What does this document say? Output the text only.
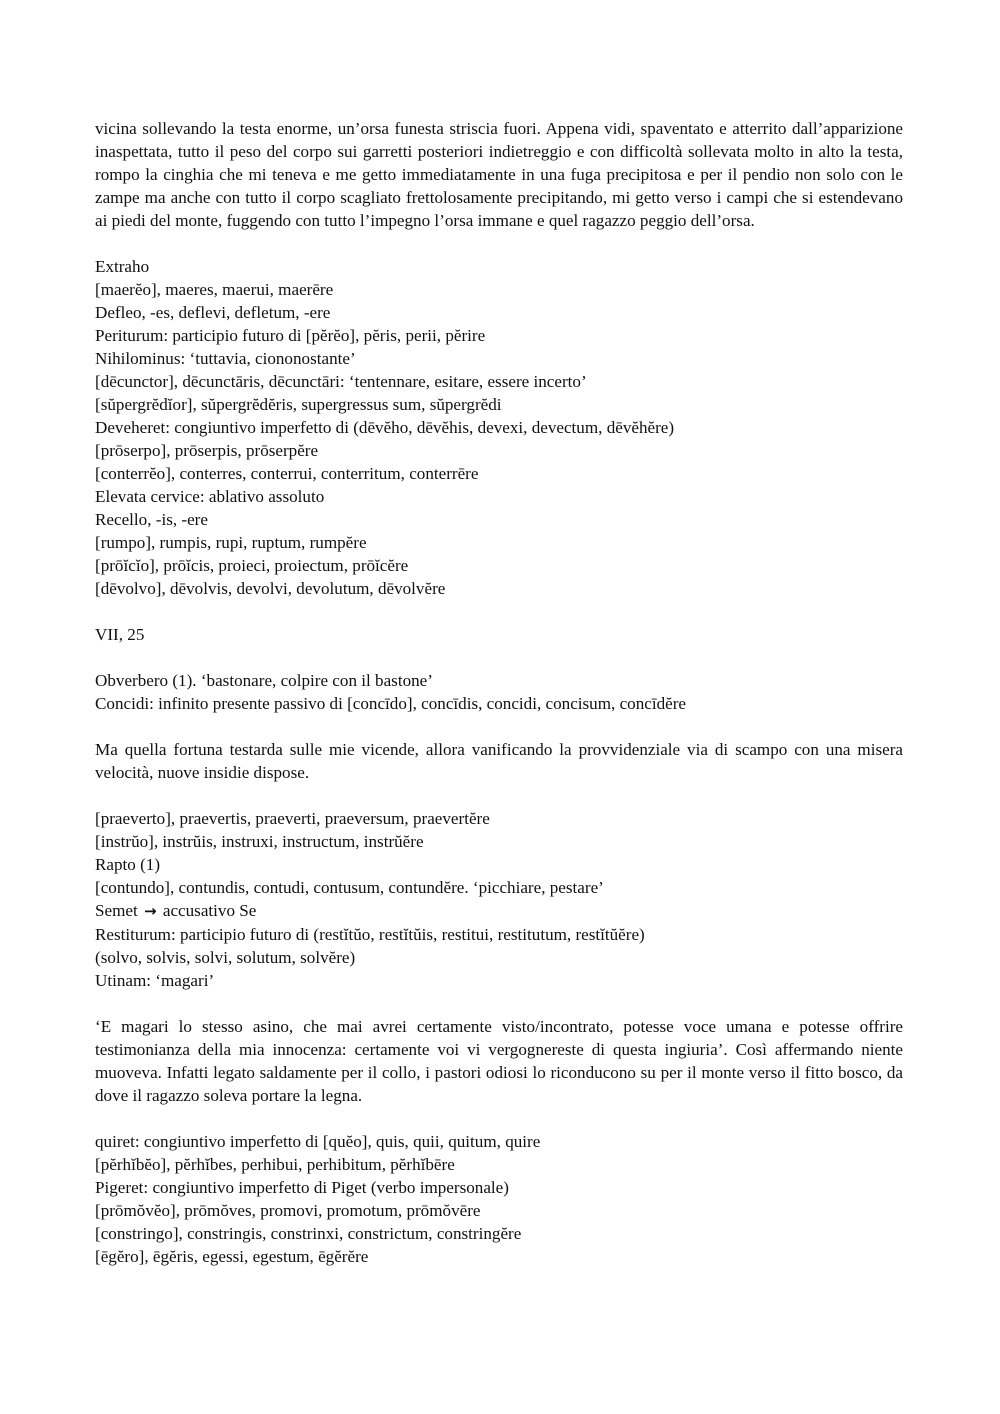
vicina sollevando la testa enorme, un’orsa funesta striscia fuori. Appena vidi, spaventato e atterrito dall’apparizione inaspettata, tutto il peso del corpo sui garretti posteriori indietreggio e con difficoltà sollevata molto in alto la testa, rompo la cinghia che mi teneva e me getto immediatamente in una fuga precipitosa e per il pendio non solo con le zampe ma anche con tutto il corpo scagliato frettolosamente precipitando, mi getto verso i campi che si estendevano ai piedi del monte, fuggendo con tutto l’impegno l’orsa immane e quel ragazzo peggio dell’orsa.

Extraho

[maerĕo], maeres, maerui, maerēre

Defleo, -es, deflevi, defletum, -ere

Periturum: participio futuro di [pĕrĕo], pĕris, perii, pĕrire

Nihilominus: ‘tuttavia, ciononostante’

[dēcunctor], dēcunctāris, dēcunctāri: ‘tentennare, esitare, essere incerto’

[sŭpergrĕdĭor], sŭpergrĕdĕris, supergressus sum, sŭpergrĕdi

Deveheret: congiuntivo imperfetto di (dēvĕho, dēvĕhis, devexi, devectum, dēvĕhĕre)

[prōserpo], prōserpis, prōserpĕre

[conterrĕo], conterres, conterrui, conterritum, conterrēre

Elevata cervice: ablativo assoluto

Recello, -is, -ere

[rumpo], rumpis, rupi, ruptum, rumpĕre

[prōĭcĭo], prōĭcis, proieci, proiectum, prōĭcĕre

[dēvolvo], dēvolvis, devolvi, devolutum, dēvolvĕre

VII, 25

Obverbero (1). ‘bastonare, colpire con il bastone’

Concidi: infinito presente passivo di [concīdo], concīdis, concidi, concisum, concīdĕre

Ma quella fortuna testarda sulle mie vicende, allora vanificando la provvidenziale via di scampo con una misera velocità, nuove insidie dispose.

[praeverto], praevertis, praeverti, praeversum, praevertĕre

[instrŭo], instrŭis, instruxi, instructum, instrŭĕre

Rapto (1)

[contundo], contundis, contudi, contusum, contundĕre. ‘picchiare, pestare’

Semet → accusativo Se

Restiturum: participio futuro di (restĭtŭo, restĭtŭis, restitui, restitutum, restĭtŭĕre)

(solvo, solvis, solvi, solutum, solvĕre)

Utinam: ‘magari’

‘E magari lo stesso asino, che mai avrei certamente visto/incontrato, potesse voce umana e potesse offrire testimonianza della mia innocenza: certamente voi vi vergognereste di questa ingiuria’. Così affermando niente muoveva. Infatti legato saldamente per il collo, i pastori odiosi lo riconducono su per il monte verso il fitto bosco, da dove il ragazzo soleva portare la legna.

quiret: congiuntivo imperfetto di [quĕo], quis, quii, quitum, quire

[pĕrhĭbĕo], pĕrhĭbes, perhibui, perhibitum, pĕrhĭbēre

Pigeret: congiuntivo imperfetto di Piget (verbo impersonale)

[prōmŏvĕo], prōmŏves, promovi, promotum, prōmŏvēre

[constringo], constringis, constrinxi, constrictum, constringĕre

[ēgĕro], ēgĕris, egessi, egestum, ēgĕrĕre
